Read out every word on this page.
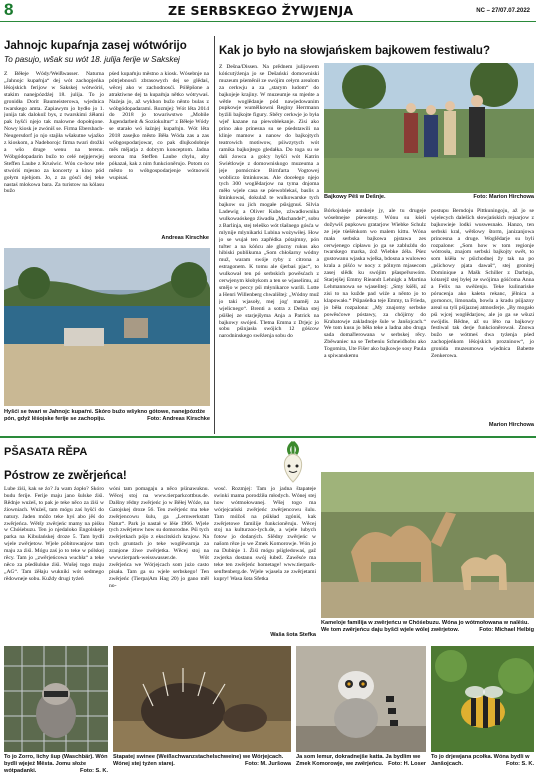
8	ZE SERBSKEGO ŽYWJENJA	NC – 27/07.07.2022
Jahnojc kupaŕnja zasej wótwórijo
To pasujo, wšak su wót 18. julija ferije w Sakskej
Z Běłeje Wódy/Weißwasser. Naturna „Jahnojc kupaŕnja“ dej wót zachopjeńka lěśojskich ferijow w Sakskej wótwóriś, stakim nanejpózdźej 18. julija. To jo gronidła Dorit Baumeisterowa, wjednica twarskego amta. Zapiawym jo bydło jo 1. junija tak dalokož bys, z twarskimi źěłami pak hyšći njejo tak malowne dopołnjone. Nowy kiosk je zwóniš se. Firma Ebersbach-Neugersdorf jo njo stajiła wšakutne wjaźko z kioskom, a Nadeborojc firma twari drožki a wšo druge wenu na terenu. Wóbgódopadarin bužo to celé nejpjerwjej Steffen Laube z Kruświc. Wón co-how tele stwóriś mjesno za koncerty a kino pód gołym njebjom. Jo, z za gósći dej teke nastaś mlokowa bara. Za turistow na kólasu bužo
pśed kupaŕnju městno a kiosk. Wósebnje na pótrjebnosći zbrasowych dej se glědaś, wěcej ako w zachodnosći. Pólěpšone a atraktiwne dej ta kupaŕnja nětko wótrywaś. Naźeja jo, až wykhon bužo něnto bulas z wóbgódopadarami. Rozmjej: Wót lěta 2014 do 2018 jo towariwstwo „Mobile Jugendarbeit & Soziokultur“ z Běłeje Wódy se starało wó łaźnjej kupaŕnjn. Wót lěta 2018 zasejko město Běła Wóda zas a zas wóbgospodarjowar, co pak dlujkodobnje měs mějarja z dobrym konceptom. Jadna sezona ma Steffen Laube chylu, aby pókazał, kak z nim funkcioněrujo. Potom co město to wóbgospodarjenje wótnowiś wupisaś.
Andreas Kirschke
Hyšći se twari w Jahnojc kupaŕni. Skóro bužo wšykno gótowe, nanejpózdźe pón, gdyž lěśojske ferije se zachopiju.	Foto: Andreas Kirschke
Kak jo było na słowjańskem bajkowem festiwalu?
Z Dešna/Dissen. Na prědnem julijowem kóńcutýźenja jo se Dešański domowniski muzeum pśeměnił ze swójim cełym arealom za cerkwju a za „starym ludom“ do bajkojeje krajiny. W muzeumje su mjeńte a wětle woglědanje pód nawjedowanim pupkowje wumělkowni Reginy Herrmann byźili bajkojte figury. Sběry cerkwje jo była wjeř kazane na piewobłekanje. Zisi ako prino ako prinesna su se pśedstawili na klinje mamow a nanow do bajkojtych teatrowich motiwow, pśiwzytych wót ramika bajkojtego gledałka. Do toga su se dali źowca a golcy hyšći wót Katrin Swiétlowje z domowniskogo muzeuma a jeje pomócnice Birnfarta Vogtowej wobliczo šminkowas. Ale docełego njejo tych 300 woglědarjow na tyma dnjoma měło wjele casa se pśewoblekaś, baslis a šminkowaś, dokulaž te wulkowarske tych bajkow su jich mogałe pśisjgnuś. Silvia Ladewig a Oliver Kube, zźwadłownika wulkowaóskego źiwadła „Machandel“, sobu z Barlinja, stej teleško wót tšašnego gósća w mlynije mlynikarki Lubina wożywiłej. How jo se wujał ten zapřédka pótajmny, pón tuřter a na kóńcu ale glucny rukus ako hibiski publikuma „Som chłošarny wódny muž, waram swóje ryby z citrona a estragonem. K tomu ale śjerbaś pjac“, to wulkował ten pó serbskich powěsćach z cerwjenym kłobykom a ten se wjaselimu, aź smějo w peccy pśi młynikarce warili. Lotte a Henri Willenberg chwalištej: „Wódny muž jo taki wjasoły, mej jog' maměj za wjelicnego“. Brenti a sotra z Dešna stej pśišłej ze starjejšyma Anja a Patrick na bajkowy swójeń. Tletna Emma z Drjejc jo sobu pśinjasła swójich 12 góścow narodninskego swěźenja sobu do
Bajkowy Pěš w Dešnje.	Foto: Marion Hirchowa
Bórkojskeje antskeje jy, ale tu drugeje wósebnejse pśewotny. Wónu su kśeli dožywiš pupkowu gratarjow Wiebke Schulz ze jeje tśešénkom wo malem kittu. Wóna mała serbska bajkowa pjstawa zes cerwjenego cipławu jo ga se zabluźdu do twarskego marka, źož Wiebke źéla. Pśez gustowanu wjaska wjelka, bdosna a wuloweo krala a pišćo w nocy z pólnym mjasecom zasej slědk ku swójim pšaspeřsowóm. Starjejšej Emmy Rieandt Lehnigk a Martina Lehmannowa se wjaselitej: „Smy kśěli, aź zisi to na kužde pad wiźe a něnto jo to klapowało.“ Pśipaśelka teje Emmy, ta Frieda, jo běła rozpalona: „My znajomy serbske powěsćowe póstawy, za chójirny do Krabatowje zakladnoje šule w Janšojcach.“ We tom kusu jo běła teke a ladna abo druga sada domařlerowana w serbskej rěcy. Zběwaniec na se Terbeniu Schneidhobu ako Togomira, Ute Fišer ako bajkowje sosy Paula a spiwanskemu
postupu Berndoju Pittkuningoju, až jo se wjelecych daleších słowjańskich rejsarjow z bajkowieje lodki wuswesnało. Hanzo, ten serbski kral, wětšowy štorm, janizanjowa princesna a druge. Woglědarje su byli rozpalone: „Som how w tom regionje wótrosła, znajom serbski bajkojty swět, to som kśěła w pśichodnej žy tak na po „pśichowy pjata dawaš“, stej gronitej Dominique a Mašk Schiller z Darbnja, kótarejž stej byłej ze swójima góśćoma Anna a Felix na swěźenju. Teke kulinariske pórucenja ako kałeta rekanc, jělnica a gornoncs, limonada, bowla a kradu pśijazny areal su tyli pśijaznej atmosferje. „By mogało pśi wjcej woglědarjow, ale jo ga se wšuzi swójdis. Rědne, až su lěto na bajkowy festiwal tak derje funkcioněrował. Znowa bužo se wótmeś dwa tyźenja pśed zachopjeńkom lěśojskich prozninow“, jo gronida muzeumowa wjednica Babette Zenkerowa.
Marion Hirchowa
PŠASATA RĚPA
Póstrow ze zwěrjeńca!
Lube źiśi, kak se źo? Ja wam źopło? Skóro budu ferije. Ferije maju jano šulske źiśi. Rědnje wuźeš, to pak je teke něco za źiśi w źiowniach. Wuźeš, tam mógu zaś hyšći do natury. Jaden móžo teke hyś abo jěś do zwěrjeńca. Wětšy zwěrjeńc mamy na piśku w Chóśebuzu. Ten jo njedaloko Engolskeje parka na Kibulańskej droze 5. Tam bydli wjele zwěrjetow. Wjele póbitowanjow tam maju za źiśi. Mógu zaś jo to teke w pólskej rěcy. Tam jo „zwěrjeńcowa wuchła“ a teke něco za pśedšulske źiśi. Wušej togo maju „AG“. Tam źěłaju wukniki wót sedmego rědowneje sobu. Kuždy drugi tyźeń
wóni tam pomagaju a něco pśinawuknu. Wěcej stoj na www.tierparkcottbus.de. Dalšny rědny zwěrjeńc jo w Běłej Wóźe, na Gatojskej droze 56. Ten zwěrjeńc ma teke zwěrjencowu šulu, ga „Lernwerkstatt Natur“. Park jo nastał w lěśe 1966. Wjele tych zwěrjetow how su domorodne. Pśi tych zwěrjetkach pójo z ekscitskich krajow. Na tych gruntach jo teke woglěwarnja za zranjone źiwe zwěrjetka. Wěcej stoj na www.tierpark-weisswasser.de. Wót zwěrjeńca we Wórjejcach som jużo casto pisała. Tam ga su wjele serbskego! Ten zwěrjeńc (Tierpa|Am Hag 20) jo gano měl no-
wosć. Rozmjej: Tam jo jadna štapateje swinki mama porodźiła młodych. Wónej stej how wótmołowanej. Wšej togo ma wórjejcański zwěrjeńc zwěrjencowu šulu. Tam móžoš na pśikład zgóniś, kak zwěrjetowe familije funkcioněruju. Wěcej stoj na kulturzoo-lych.de, a wjele lubych fotow jo dodaných. Slědny zwěrjeńc w našom rěze jo we Zmek Komorowje. Wón jo na Dubinje 1. Źiśi mógu pśigledowaś, gaž zwjerka dostanu swój łubež. Zawěsće ma teke ten zwěrjeńc hometage! www.tierpark-senftenberg.de. Wjele wjasela ze zwěrjetami kupry! Wasa šota Sfetka
Waša šota Stefka
Kameloje familija w zwěrjeńcu w Chóśebuzu. Wóna jo wótmołowana w nalěśu. We tom zwěrjeńcu daju byšći wjele wólej zwěrjetow.	Foto: Michael Helbig
To jo Zorro, lichy šup (Waschbär). Wón bydli wjejeź Města. Jomu słoże wótpadanki.	Foto: S. K.
Štapatej swinee (Weißschwanzstachelschweine) we Wórjejcach. Wónej stej tyźen starej.	Foto: M. Jurŝowa
Ja som lemur, dokradnejše katta. Ja bydlim we Zmek Komorowje, we zwěrjeńcu. Foto: H. Loser
To jo drjewjana pcołka. Wóna bydli w Janšojcach.	Foto: S. K.
